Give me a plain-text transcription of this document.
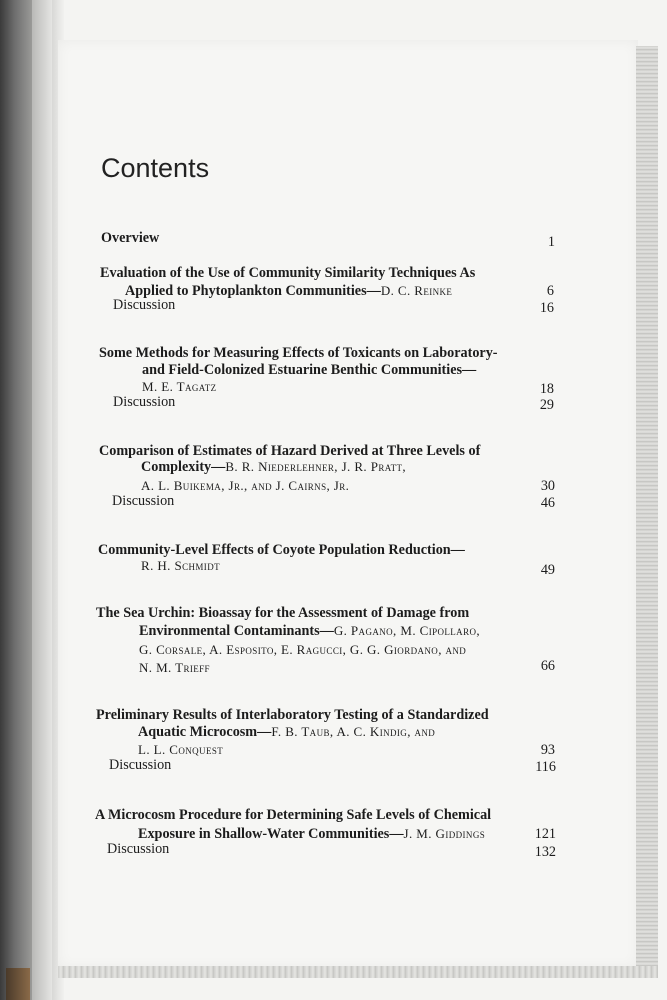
Contents
Overview	1
Evaluation of the Use of Community Similarity Techniques As
Applied to Phytoplankton Communities—D. C. Reinke	6
Discussion	16
Some Methods for Measuring Effects of Toxicants on Laboratory-
and Field-Colonized Estuarine Benthic Communities—
M. E. Tagatz	18
Discussion	29
Comparison of Estimates of Hazard Derived at Three Levels of
Complexity—B. R. Niederlehner, J. R. Pratt,
A. L. Buikema, Jr., and J. Cairns, Jr.	30
Discussion	46
Community-Level Effects of Coyote Population Reduction—
R. H. Schmidt	49
The Sea Urchin: Bioassay for the Assessment of Damage from
Environmental Contaminants—G. Pagano, M. Cipollaro,
G. Corsale, A. Esposito, E. Ragucci, G. G. Giordano, and
N. M. Trieff	66
Preliminary Results of Interlaboratory Testing of a Standardized
Aquatic Microcosm—F. B. Taub, A. C. Kindig, and
L. L. Conquest	93
Discussion	116
A Microcosm Procedure for Determining Safe Levels of Chemical
Exposure in Shallow-Water Communities—J. M. Giddings	121
Discussion	132
